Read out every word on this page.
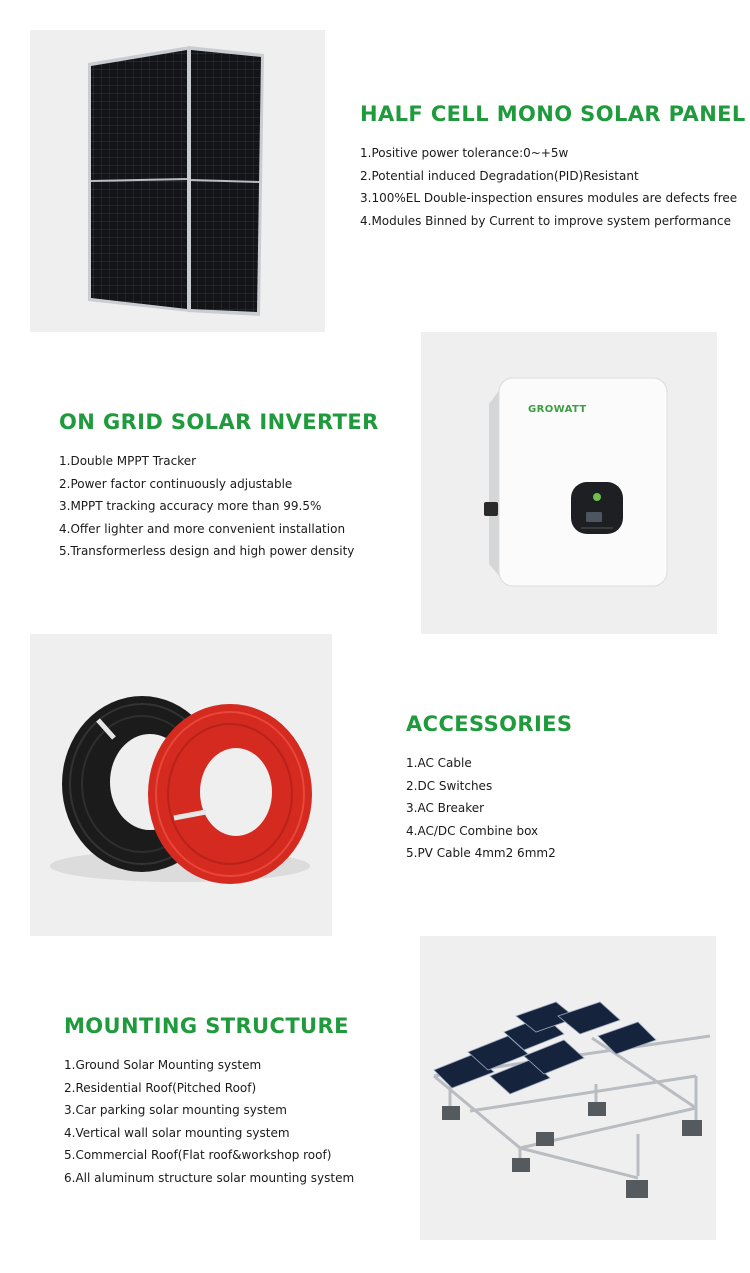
HALF CELL MONO SOLAR PANEL
1.Positive power tolerance:0~+5w
2.Potential induced Degradation(PID)Resistant
3.100%EL Double-inspection ensures modules are defects free
4.Modules Binned by Current to improve system performance
ON GRID SOLAR INVERTER
1.Double MPPT Tracker
2.Power factor continuously adjustable
3.MPPT tracking accuracy more than 99.5%
4.Offer lighter and more convenient installation
5.Transformerless design and high power density
GROWATT
ACCESSORIES
1.AC Cable
2.DC Switches
3.AC Breaker
4.AC/DC Combine box
5.PV Cable 4mm2 6mm2
MOUNTING STRUCTURE
1.Ground Solar Mounting system
2.Residential Roof(Pitched Roof)
3.Car parking solar mounting system
4.Vertical wall solar mounting system
5.Commercial Roof(Flat roof&workshop roof)
6.All aluminum structure solar mounting system
